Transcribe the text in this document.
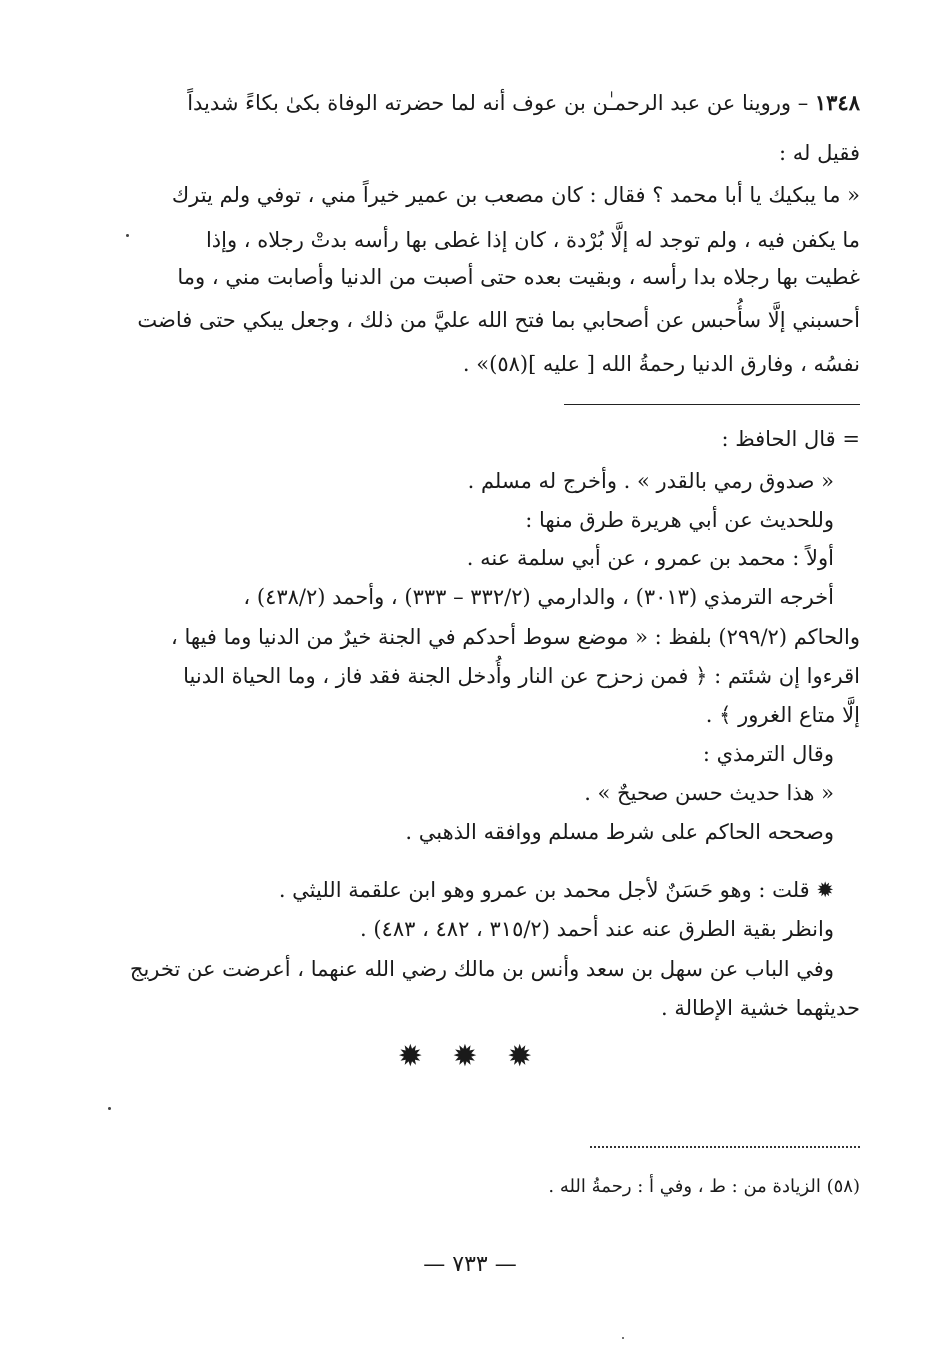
١٣٤٨ – وروينا عن عبد الرحمـٰن بن عوف أنه لما حضرته الوفاة بكىٰ بكاءً شديداً
فقيل له :
« ما يبكيك يا أبا محمد ؟ فقال : كان مصعب بن عمير خيراً مني ، توفي ولم يترك
ما يكفن فيه ، ولم توجد له إلَّا بُرْدة ، كان إذا غطى بها رأسه بدتْ رجلاه ، وإذا
غطيت بها رجلاه بدا رأسه ، وبقيت بعده حتى أصبت من الدنيا وأصابت مني ، وما
أحسبني إلَّا سأُحبس عن أصحابي بما فتح الله عليَّ من ذلك ، وجعل يبكي حتى فاضت
نفسُه ، وفارق الدنيا رحمةُ الله [ عليه ](٥٨)» .
= قال الحافظ :
« صدوق رمي بالقدر » . وأخرج له مسلم .
وللحديث عن أبي هريرة طرق منها :
أولاً : محمد بن عمرو ، عن أبي سلمة عنه .
أخرجه الترمذي (٣٠١٣) ، والدارمي (٣٣٢/٢ – ٣٣٣) ، وأحمد (٤٣٨/٢) ،
والحاكم (٢٩٩/٢) بلفظ : « موضع سوط أحدكم في الجنة خيرٌ من الدنيا وما فيها ،
اقرءوا إن شئتم : ﴿ فمن زحزح عن النار وأُدخل الجنة فقد فاز ، وما الحياة الدنيا
إلَّا متاع الغرور ﴾ .
وقال الترمذي :
« هذا حديث حسن صحيحٌ » .
وصححه الحاكم على شرط مسلم ووافقه الذهبي .
✹ قلت : وهو حَسَنٌ لأجل محمد بن عمرو وهو ابن علقمة الليثي .
وانظر بقية الطرق عنه عند أحمد (٣١٥/٢ ، ٤٨٢ ، ٤٨٣) .
وفي الباب عن سهل بن سعد وأنس بن مالك رضي الله عنهما ، أعرضت عن تخريج
حديثهما خشية الإطالة .
✹ ✹ ✹
(٥٨) الزيادة من : ط ، وفي أ : رحمةُ الله .
— ٧٣٣ —
